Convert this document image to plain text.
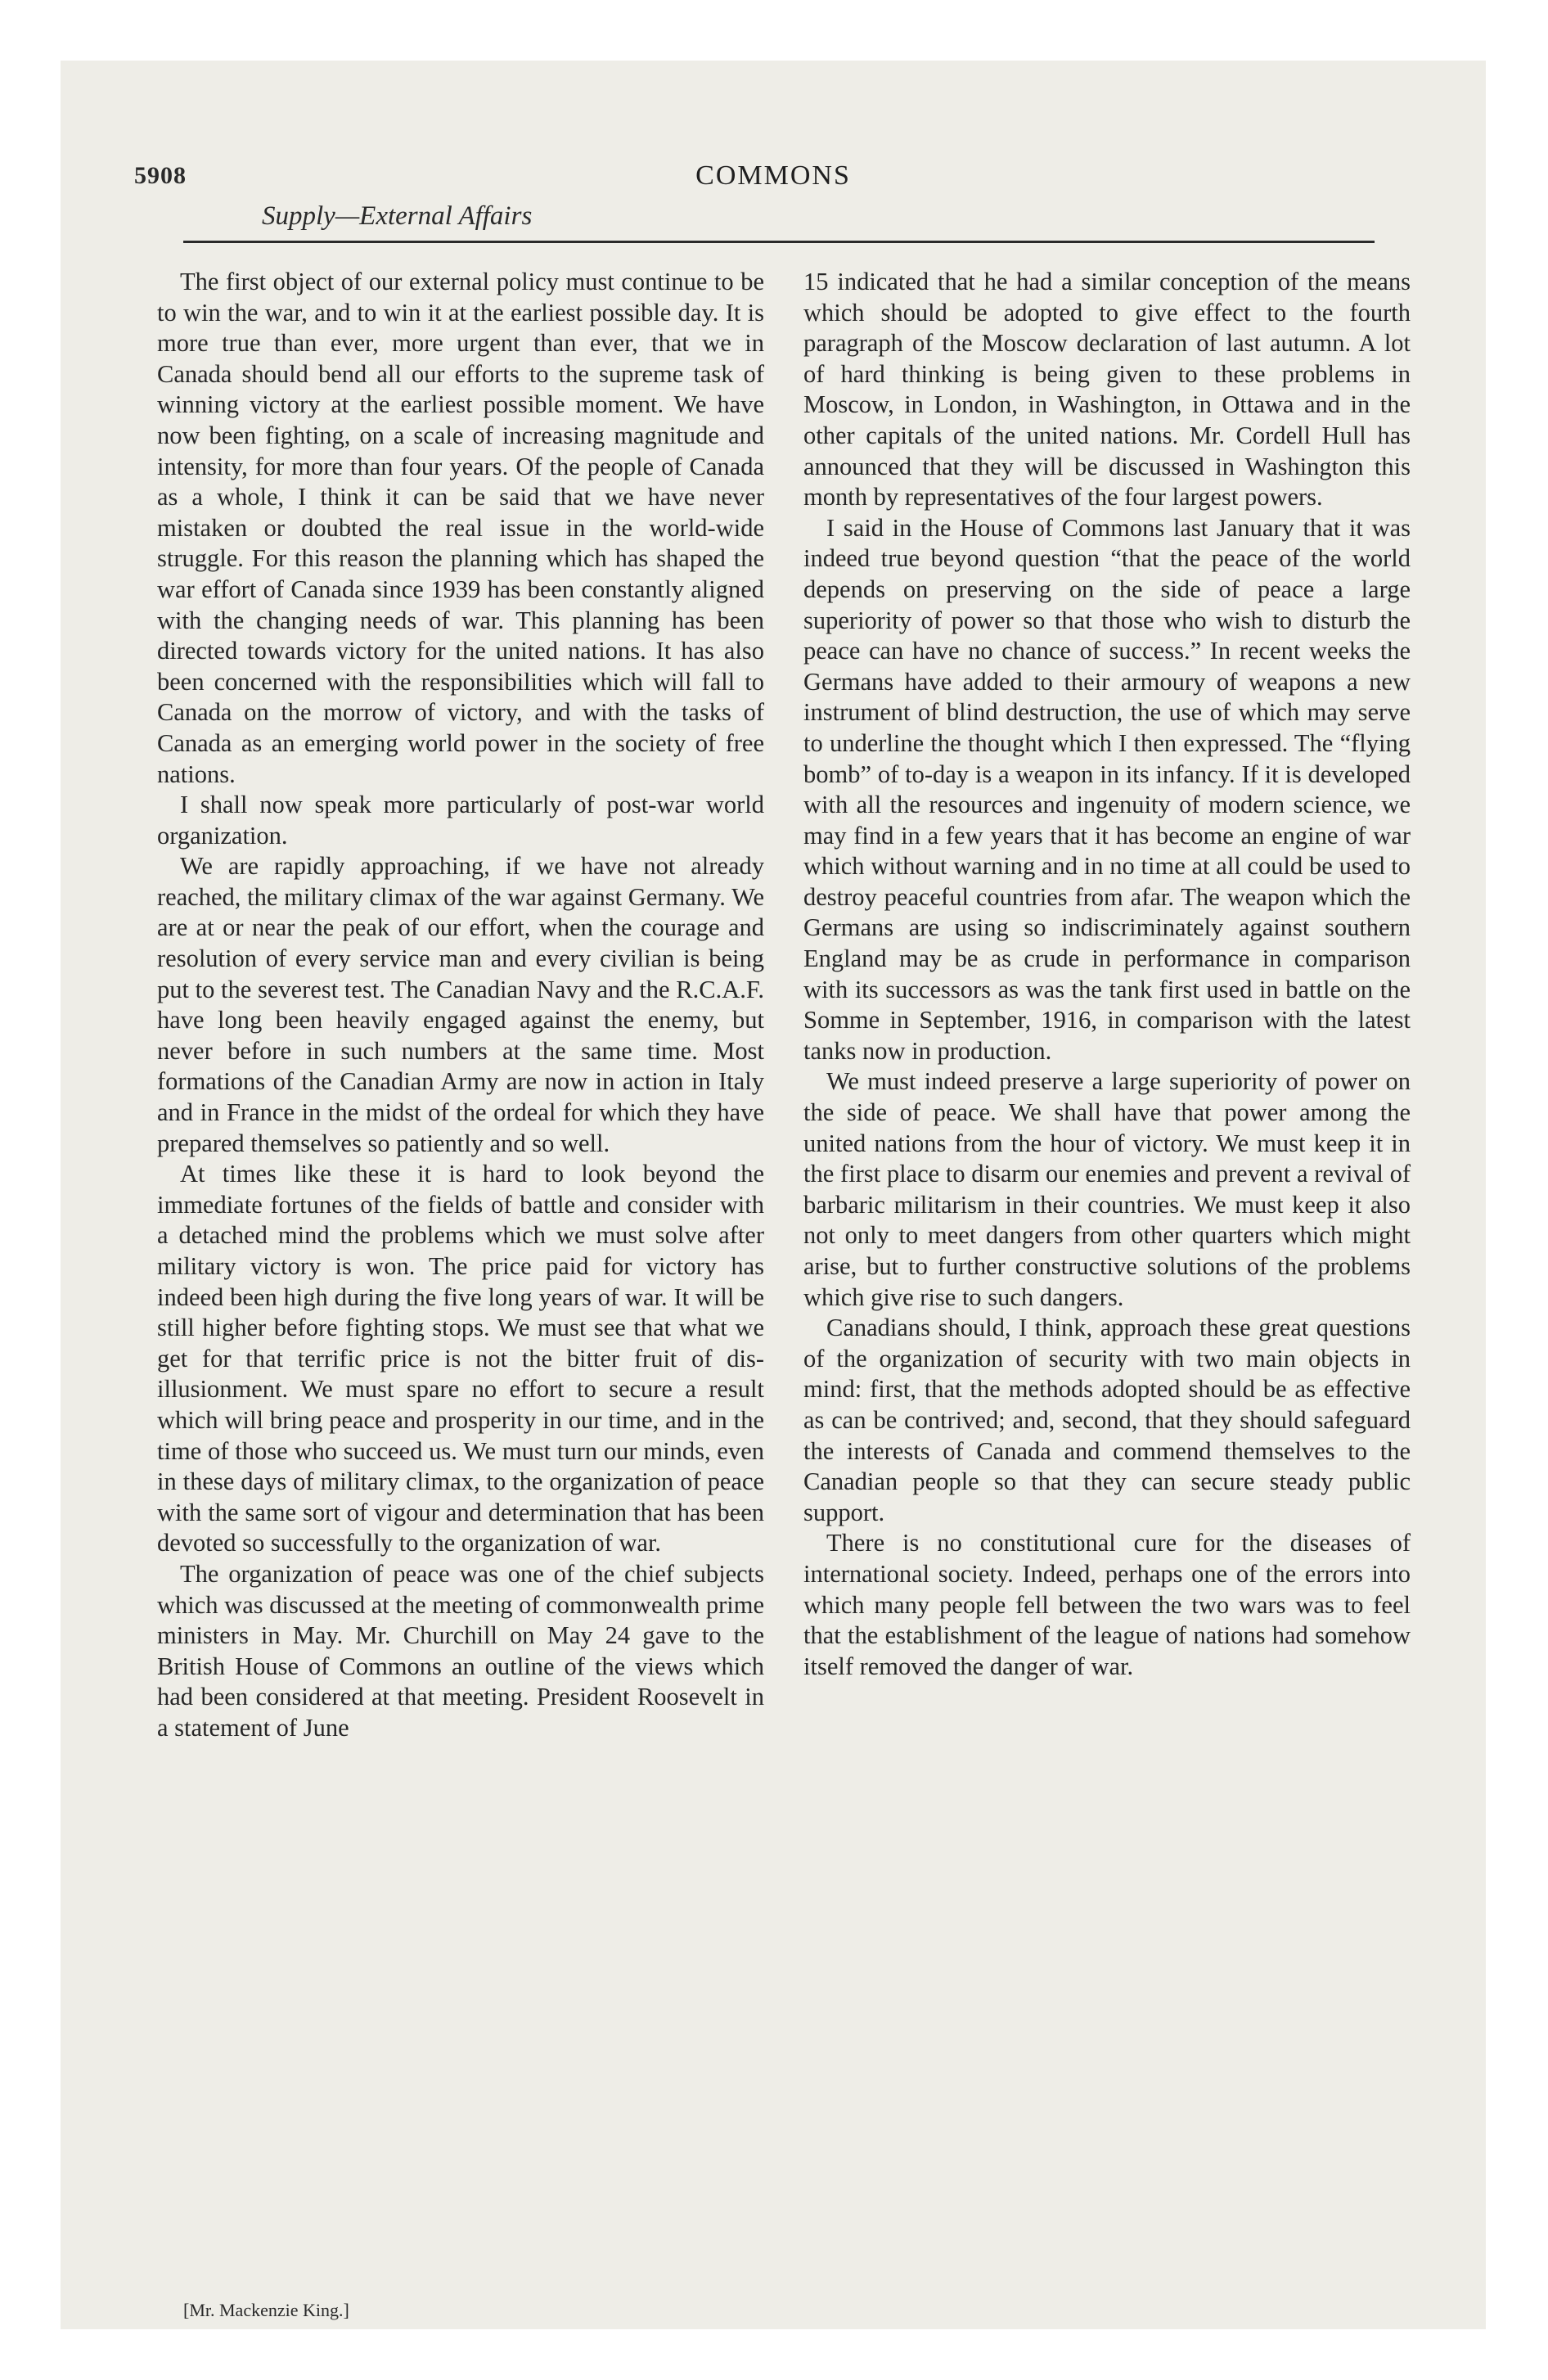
5908	COMMONS
Supply—External Affairs

The first object of our external policy must continue to be to win the war, and to win it at the earliest possible day. It is more true than ever, more urgent than ever, that we in Canada should bend all our efforts to the supreme task of winning victory at the earliest possible moment. We have now been fighting, on a scale of increasing magnitude and intensity, for more than four years. Of the people of Canada as a whole, I think it can be said that we have never mistaken or doubted the real issue in the world-wide struggle. For this reason the planning which has shaped the war effort of Canada since 1939 has been constantly aligned with the changing needs of war. This planning has been directed towards victory for the united nations. It has also been concerned with the responsibilities which will fall to Canada on the morrow of victory, and with the tasks of Canada as an emerging world power in the society of free nations.

I shall now speak more particularly of post-war world organization.

We are rapidly approaching, if we have not already reached, the military climax of the war against Germany. We are at or near the peak of our effort, when the courage and resolution of every service man and every civilian is being put to the severest test. The Canadian Navy and the R.C.A.F. have long been heavily engaged against the enemy, but never before in such numbers at the same time. Most formations of the Canadian Army are now in action in Italy and in France in the midst of the ordeal for which they have prepared themselves so patiently and so well.

At times like these it is hard to look beyond the immediate fortunes of the fields of battle and consider with a detached mind the problems which we must solve after military victory is won. The price paid for victory has indeed been high during the five long years of war. It will be still higher before fighting stops. We must see that what we get for that terrific price is not the bitter fruit of disillusionment. We must spare no effort to secure a result which will bring peace and prosperity in our time, and in the time of those who succeed us. We must turn our minds, even in these days of military climax, to the organization of peace with the same sort of vigour and determination that has been devoted so successfully to the organization of war.

The organization of peace was one of the chief subjects which was discussed at the meeting of commonwealth prime ministers in May. Mr. Churchill on May 24 gave to the British House of Commons an outline of the views which had been considered at that meeting. President Roosevelt in a statement of June

15 indicated that he had a similar conception of the means which should be adopted to give effect to the fourth paragraph of the Moscow declaration of last autumn. A lot of hard thinking is being given to these problems in Moscow, in London, in Washington, in Ottawa and in the other capitals of the united nations. Mr. Cordell Hull has announced that they will be discussed in Washington this month by representatives of the four largest powers.

I said in the House of Commons last January that it was indeed true beyond question “that the peace of the world depends on preserving on the side of peace a large superiority of power so that those who wish to disturb the peace can have no chance of success.” In recent weeks the Germans have added to their armoury of weapons a new instrument of blind destruction, the use of which may serve to underline the thought which I then expressed. The “flying bomb” of to-day is a weapon in its infancy. If it is developed with all the resources and ingenuity of modern science, we may find in a few years that it has become an engine of war which without warning and in no time at all could be used to destroy peaceful countries from afar. The weapon which the Germans are using so indiscriminately against southern England may be as crude in performance in comparison with its successors as was the tank first used in battle on the Somme in September, 1916, in comparison with the latest tanks now in production.

We must indeed preserve a large superiority of power on the side of peace. We shall have that power among the united nations from the hour of victory. We must keep it in the first place to disarm our enemies and prevent a revival of barbaric militarism in their countries. We must keep it also not only to meet dangers from other quarters which might arise, but to further constructive solutions of the problems which give rise to such dangers.

Canadians should, I think, approach these great questions of the organization of security with two main objects in mind: first, that the methods adopted should be as effective as can be contrived; and, second, that they should safeguard the interests of Canada and commend themselves to the Canadian people so that they can secure steady public support.

There is no constitutional cure for the diseases of international society. Indeed, perhaps one of the errors into which many people fell between the two wars was to feel that the establishment of the league of nations had somehow itself removed the danger of war.

[Mr. Mackenzie King.]
